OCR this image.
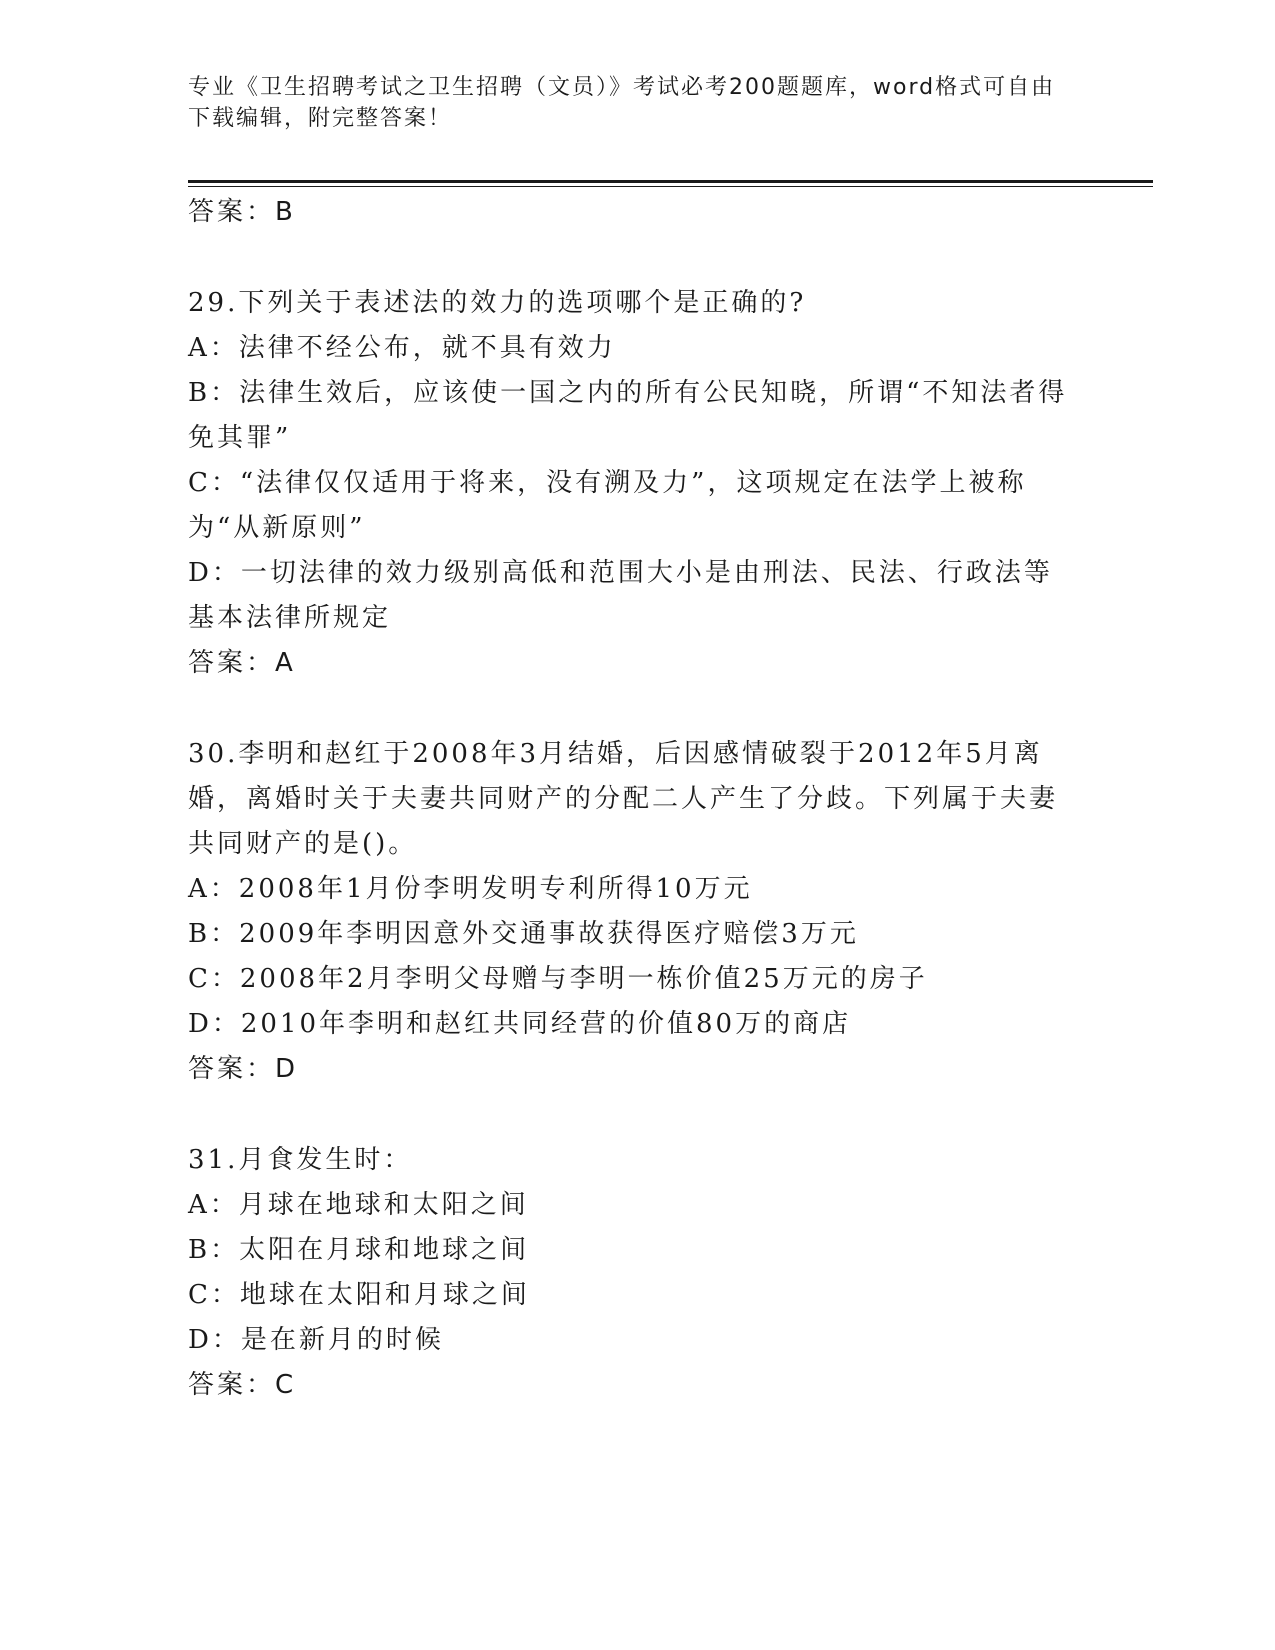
专业《卫生招聘考试之卫生招聘（文员）》考试必考200题题库，word格式可自由下载编辑，附完整答案！
答案：B
29.下列关于表述法的效力的选项哪个是正确的?
A：法律不经公布，就不具有效力
B：法律生效后，应该使一国之内的所有公民知晓，所谓“不知法者得免其罪”
C：“法律仅仅适用于将来，没有溯及力”，这项规定在法学上被称为“从新原则”
D：一切法律的效力级别高低和范围大小是由刑法、民法、行政法等基本法律所规定
答案：A
30.李明和赵红于2008年3月结婚，后因感情破裂于2012年5月离婚，离婚时关于夫妻共同财产的分配二人产生了分歧。下列属于夫妻共同财产的是()。
A：2008年1月份李明发明专利所得10万元
B：2009年李明因意外交通事故获得医疗赔偿3万元
C：2008年2月李明父母赠与李明一栋价值25万元的房子
D：2010年李明和赵红共同经营的价值80万的商店
答案：D
31.月食发生时：
A：月球在地球和太阳之间
B：太阳在月球和地球之间
C：地球在太阳和月球之间
D：是在新月的时候
答案：C
